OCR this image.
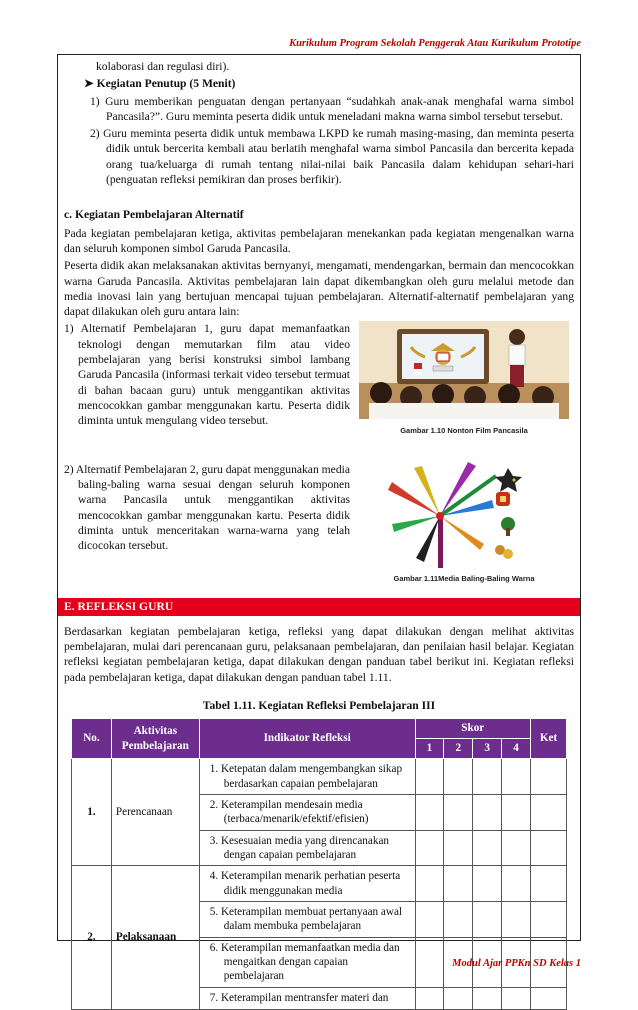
Kurikulum Program Sekolah Penggerak Atau Kurikulum Prototipe
kolaborasi dan regulasi diri).
➤ Kegiatan Penutup (5 Menit)
1) Guru memberikan penguatan dengan pertanyaan “sudahkah anak-anak menghafal warna simbol Pancasila?”. Guru meminta peserta didik untuk meneladani makna warna simbol tersebut tersebut.
2) Guru meminta peserta didik untuk membawa LKPD ke rumah masing-masing, dan meminta peserta didik untuk bercerita kembali atau berlatih menghafal warna simbol Pancasila dan bercerita kepada orang tua/keluarga di rumah tentang nilai-nilai baik Pancasila dalam kehidupan sehari-hari (penguatan refleksi pemikiran dan proses berfikir).
c. Kegiatan Pembelajaran Alternatif
Pada kegiatan pembelajaran ketiga, aktivitas pembelajaran menekankan pada kegiatan mengenalkan warna dan seluruh komponen simbol Garuda Pancasila.
Peserta didik akan melaksanakan aktivitas bernyanyi, mengamati, mendengarkan, bermain dan mencocokkan warna Garuda Pancasila. Aktivitas pembelajaran lain dapat dikembangkan oleh guru melalui metode dan media inovasi lain yang bertujuan mencapai tujuan pembelajaran. Alternatif-alternatif pembelajaran yang dapat dilakukan oleh guru antara lain:
1) Alternatif Pembelajaran 1, guru dapat memanfaatkan teknologi dengan memutarkan film atau video pembelajaran yang berisi konstruksi simbol lambang Garuda Pancasila (informasi terkait video tersebut termuat di bahan bacaan guru) untuk menggantikan aktivitas mencocokkan gambar menggunakan kartu. Peserta didik diminta untuk mengulang video tersebut.
Gambar 1.10 Nonton Film Pancasila
2) Alternatif Pembelajaran 2, guru dapat menggunakan media baling-baling warna sesuai dengan seluruh komponen warna Pancasila untuk menggantikan aktivitas mencocokkan gambar menggunakan kartu. Peserta didik diminta untuk menceritakan warna-warna yang telah dicocokan tersebut.
Gambar 1.11Media Baling-Baling Warna
E. REFLEKSI GURU
Berdasarkan kegiatan pembelajaran ketiga, refleksi yang dapat dilakukan dengan melihat aktivitas pembelajaran, mulai dari perencanaan guru, pelaksanaan pembelajaran, dan penilaian hasil belajar. Kegiatan refleksi kegiatan pembelajaran ketiga, dapat dilakukan dengan panduan tabel berikut ini. Kegiatan refleksi pada pembelajaran ketiga, dapat dilakukan dengan panduan tabel 1.11.
Tabel 1.11. Kegiatan Refleksi Pembelajaran III
No.	Aktivitas Pembelajaran	Indikator Refleksi	Skor				Ket
			1	2	3	4	
1.	Perencanaan	1. Ketepatan dalam mengembangkan sikap berdasarkan capaian pembelajaran					
		2. Keterampilan mendesain media (terbaca/menarik/efektif/efisien)					
		3. Kesesuaian media yang direncanakan dengan capaian pembelajaran					
2.	Pelaksanaan	4. Keterampilan menarik perhatian peserta didik menggunakan media					
		5. Keterampilan membuat pertanyaan awal dalam membuka pembelajaran					
		6. Keterampilan memanfaatkan media dan mengaitkan dengan capaian pembelajaran					
		7. Keterampilan mentransfer materi dan					
Modul Ajar PPKn SD Kelas 1
